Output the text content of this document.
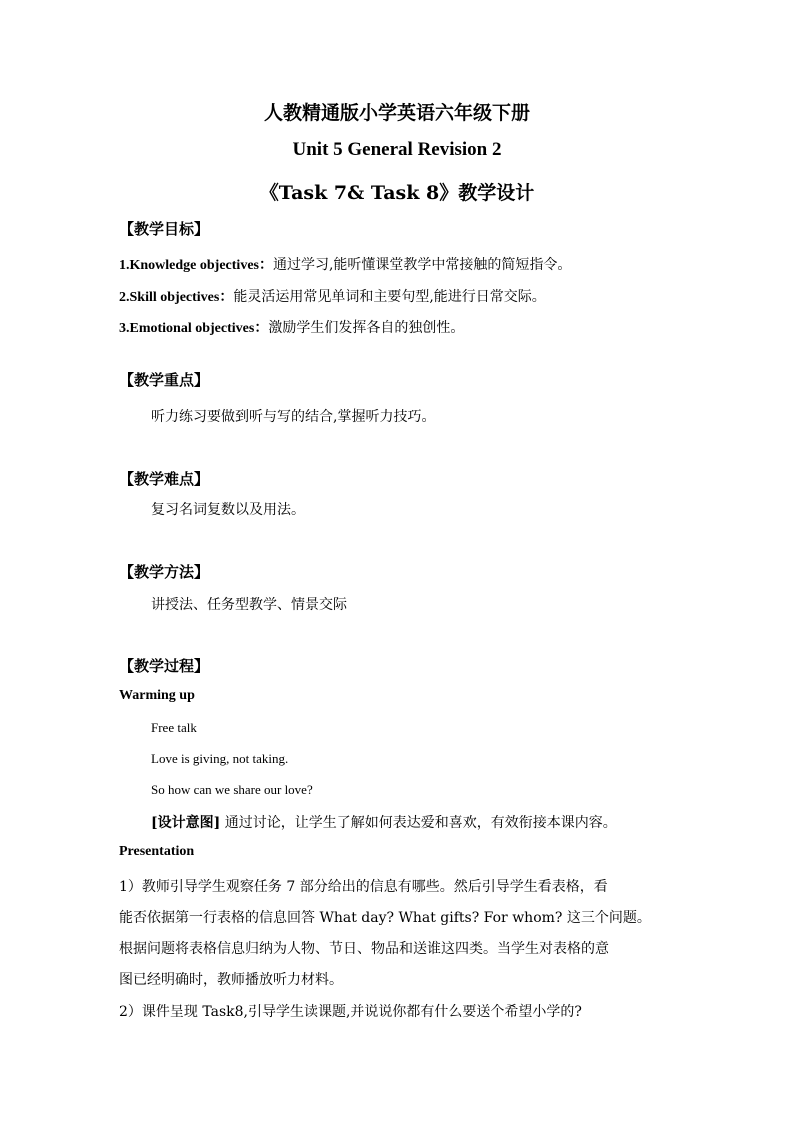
人教精通版小学英语六年级下册
Unit 5 General Revision 2
《Task 7& Task 8》教学设计
【教学目标】
1.Knowledge objectives：通过学习,能听懂课堂教学中常接触的简短指令。
2.Skill objectives：能灵活运用常见单词和主要句型,能进行日常交际。
3.Emotional objectives：激励学生们发挥各自的独创性。
【教学重点】
听力练习要做到听与写的结合,掌握听力技巧。
【教学难点】
复习名词复数以及用法。
【教学方法】
讲授法、任务型教学、情景交际
【教学过程】
Warming up
Free talk
Love is giving, not taking.
So how can we share our love?
[设计意图] 通过讨论，让学生了解如何表达爱和喜欢，有效衔接本课内容。
Presentation
1）教师引导学生观察任务 7 部分给出的信息有哪些。然后引导学生看表格，看
能否依据第一行表格的信息回答 What day? What gifts? For whom? 这三个问题。
根据问题将表格信息归纳为人物、节日、物品和送谁这四类。当学生对表格的意
图已经明确时，教师播放听力材料。
2）课件呈现 Task8,引导学生读课题,并说说你都有什么要送个希望小学的?
